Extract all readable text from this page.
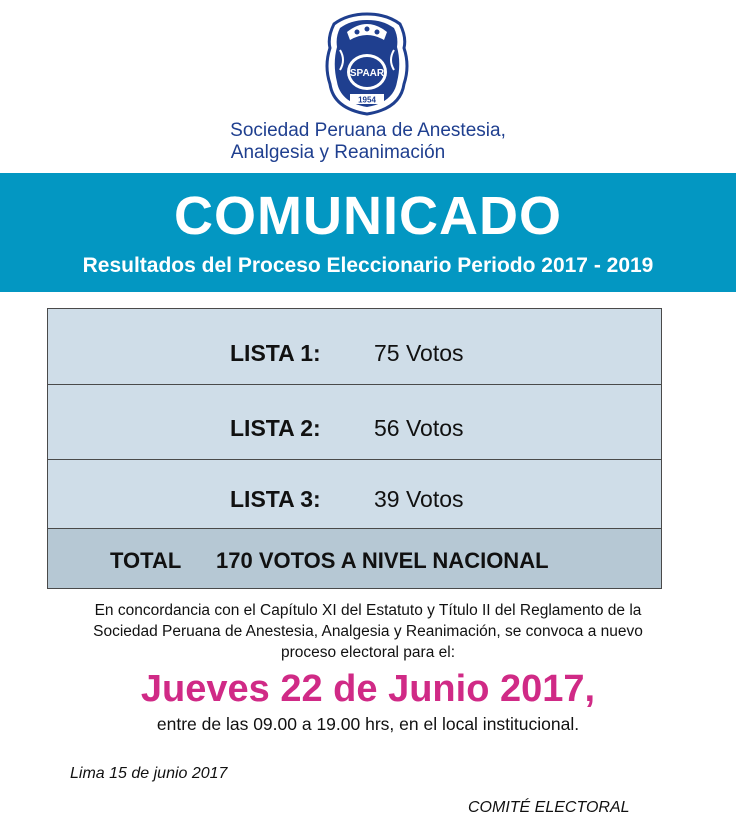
SPAAR
1954
Sociedad Peruana de Anestesia,

Analgesia y Reanimación
COMUNICADO
Resultados del Proceso Eleccionario Periodo 2017 - 2019
LISTA 1: 75 Votos
LISTA 2: 56 Votos
LISTA 3: 39 Votos
TOTAL 170 VOTOS A NIVEL NACIONAL
En concordancia con el Capítulo XI del Estatuto y Título II del Reglamento de la
Sociedad Peruana de Anestesia, Analgesia y Reanimación, se convoca a nuevo
proceso electoral para el:
Jueves 22 de Junio 2017,
entre de las 09.00 a 19.00 hrs, en el local institucional.
Lima 15 de junio 2017
COMITÉ ELECTORAL
